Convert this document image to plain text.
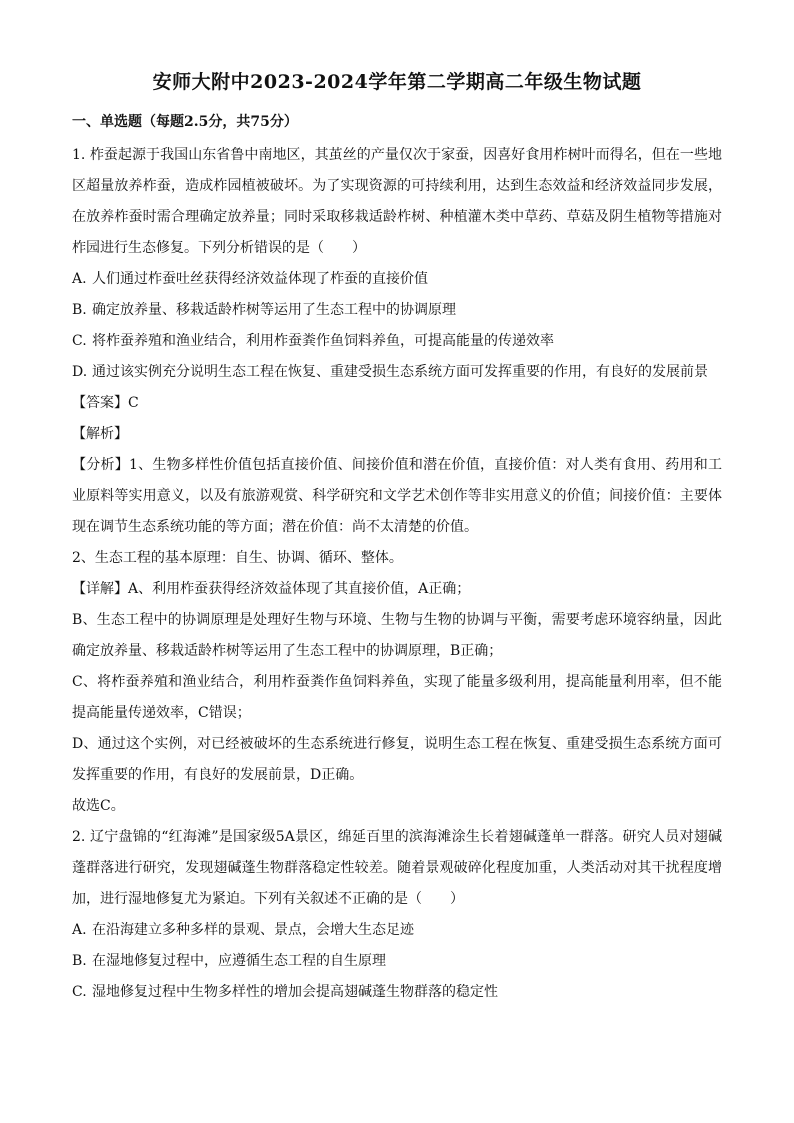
安师大附中2023-2024学年第二学期高二年级生物试题
一、单选题（每题2.5分，共75分）

1. 柞蚕起源于我国山东省鲁中南地区，其茧丝的产量仅次于家蚕，因喜好食用柞树叶而得名，但在一些地区超量放养柞蚕，造成柞园植被破坏。为了实现资源的可持续利用，达到生态效益和经济效益同步发展，在放养柞蚕时需合理确定放养量；同时采取移栽适龄柞树、种植灌木类中草药、草菇及阴生植物等措施对柞园进行生态修复。下列分析错误的是（　　）

A. 人们通过柞蚕吐丝获得经济效益体现了柞蚕的直接价值
B. 确定放养量、移栽适龄柞树等运用了生态工程中的协调原理
C. 将柞蚕养殖和渔业结合，利用柞蚕粪作鱼饲料养鱼，可提高能量的传递效率
D. 通过该实例充分说明生态工程在恢复、重建受损生态系统方面可发挥重要的作用，有良好的发展前景

【答案】C

【解析】

【分析】1、生物多样性价值包括直接价值、间接价值和潜在价值，直接价值：对人类有食用、药用和工业原料等实用意义，以及有旅游观赏、科学研究和文学艺术创作等非实用意义的价值；间接价值：主要体现在调节生态系统功能的等方面；潜在价值：尚不太清楚的价值。

2、生态工程的基本原理：自生、协调、循环、整体。

【详解】A、利用柞蚕获得经济效益体现了其直接价值，A正确；

B、生态工程中的协调原理是处理好生物与环境、生物与生物的协调与平衡，需要考虑环境容纳量，因此确定放养量、移栽适龄柞树等运用了生态工程中的协调原理，B正确；

C、将柞蚕养殖和渔业结合，利用柞蚕粪作鱼饲料养鱼，实现了能量多级利用，提高能量利用率，但不能提高能量传递效率，C错误；

D、通过这个实例，对已经被破坏的生态系统进行修复，说明生态工程在恢复、重建受损生态系统方面可发挥重要的作用，有良好的发展前景，D正确。

故选C。

2. 辽宁盘锦的“红海滩”是国家级5A景区，绵延百里的滨海滩涂生长着翅碱蓬单一群落。研究人员对翅碱蓬群落进行研究，发现翅碱蓬生物群落稳定性较差。随着景观破碎化程度加重，人类活动对其干扰程度增加，进行湿地修复尤为紧迫。下列有关叙述不正确的是（　　）

A. 在沿海建立多种多样的景观、景点，会增大生态足迹
B. 在湿地修复过程中，应遵循生态工程的自生原理
C. 湿地修复过程中生物多样性的增加会提高翅碱蓬生物群落的稳定性
